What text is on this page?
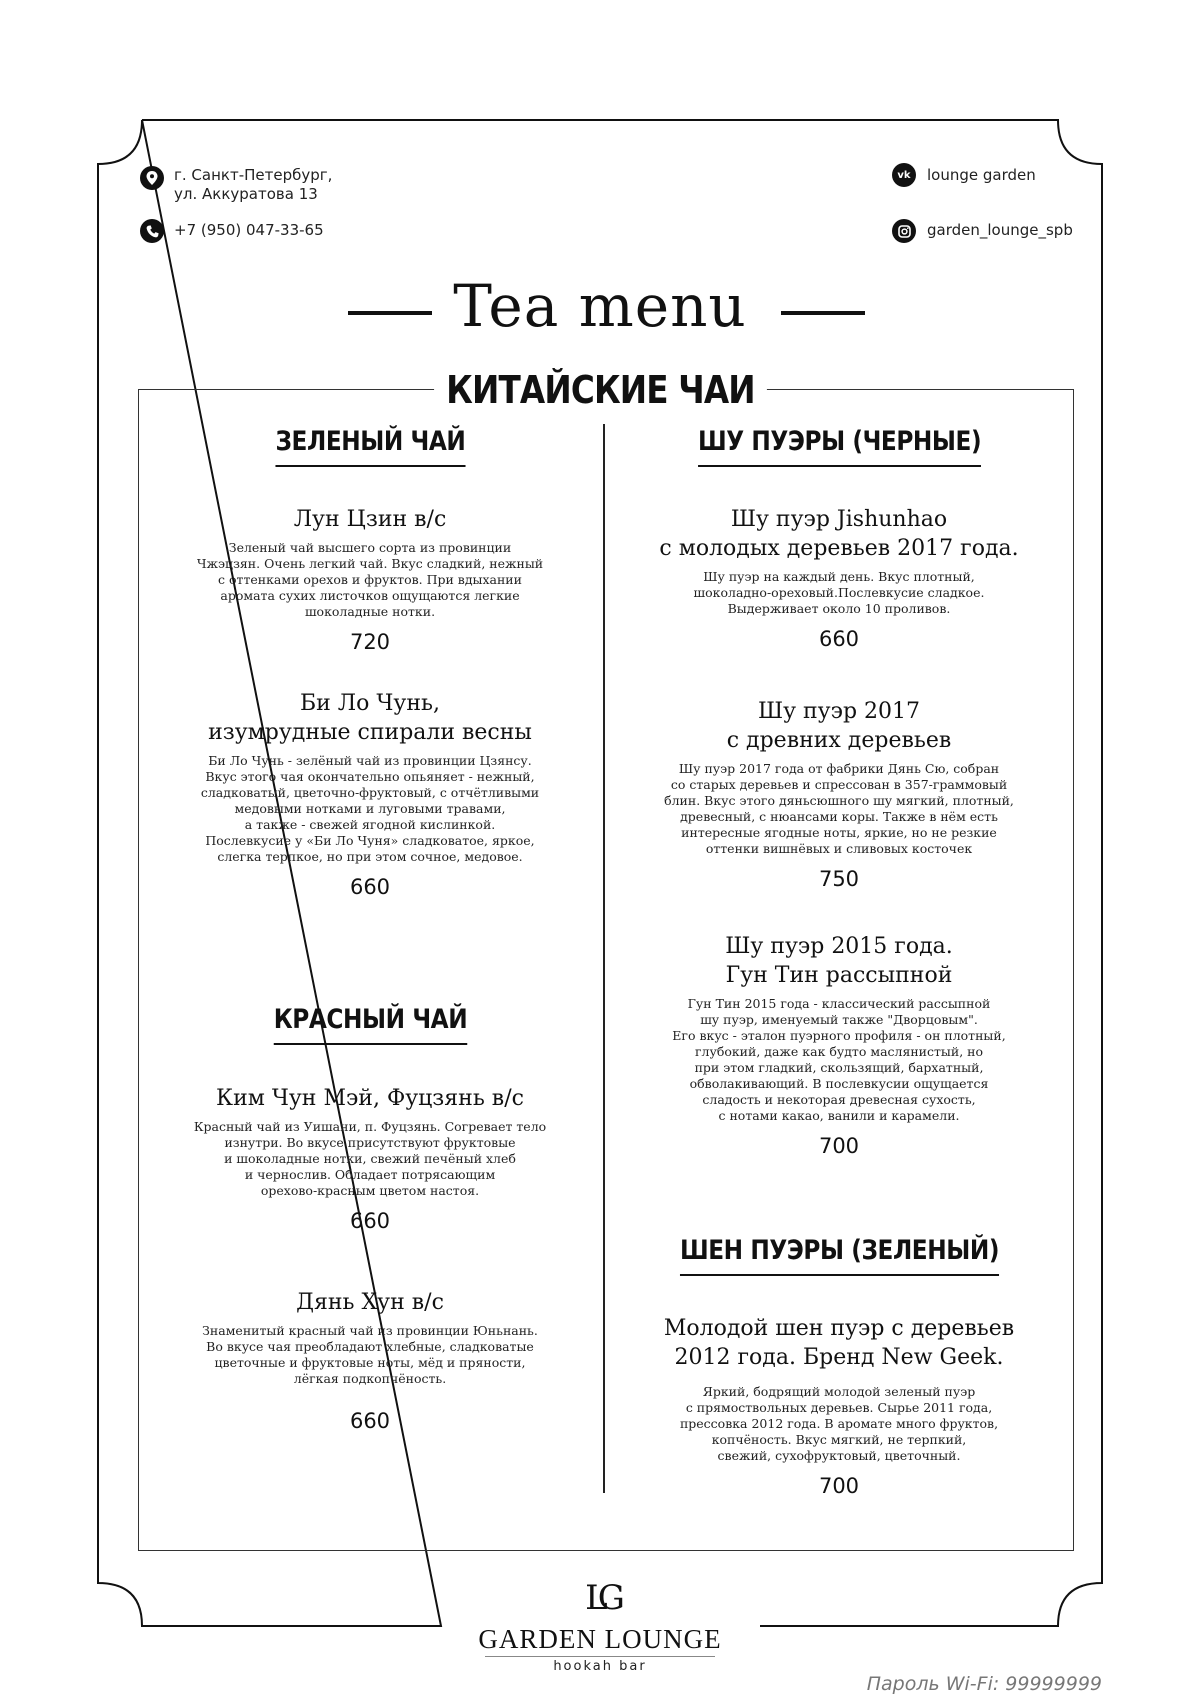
г. Санкт-Петербург,
ул. Аккуратова 13
+7 (950) 047-33-65
vk	lounge garden
garden_lounge_spb
Tea menu
КИТАЙСКИЕ ЧАИ
ЗЕЛЕНЫЙ ЧАЙ
Лун Цзин в/с
Зеленый чай высшего сорта из провинции
Чжэцзян. Очень легкий чай. Вкус сладкий, нежный
с оттенками орехов и фруктов. При вдыхании
аромата сухих листочков ощущаются легкие
шоколадные нотки.
720
Би Ло Чунь,
изумрудные спирали весны
Би Ло Чунь - зелёный чай из провинции Цзянсу.
Вкус этого чая окончательно опьяняет - нежный,
сладковатый, цветочно-фруктовый, с отчётливыми
медовыми нотками и луговыми травами,
а также - свежей ягодной кислинкой.
Послевкусие у «Би Ло Чуня» сладковатое, яркое,
слегка терпкое, но при этом сочное, медовое.
660
КРАСНЫЙ ЧАЙ
Ким Чун Мэй, Фуцзянь в/с
Красный чай из Уишани, п. Фуцзянь. Согревает тело
изнутри. Во вкусе присутствуют фруктовые
и шоколадные нотки, свежий печёный хлеб
и чернослив. Обладает потрясающим
орехово-красным цветом настоя.
660
Дянь Хун в/с
Знаменитый красный чай из провинции Юньнань.
Во вкусе чая преобладают хлебные, сладковатые
цветочные и фруктовые ноты, мёд и пряности,
лёгкая подкопчёность.
660
ШУ ПУЭРЫ (ЧЕРНЫЕ)
Шу пуэр Jishunhao
с молодых деревьев 2017 года.
Шу пуэр на каждый день. Вкус плотный,
шоколадно-ореховый.Послевкусие сладкое.
Выдерживает около 10 проливов.
660
Шу пуэр 2017
с древних деревьев
Шу пуэр 2017 года от фабрики Дянь Сю, собран
со старых деревьев и спрессован в 357-граммовый
блин. Вкус этого дяньсюшного шу мягкий, плотный,
древесный, с нюансами коры. Также в нём есть
интересные ягодные ноты, яркие, но не резкие
оттенки вишнёвых и сливовых косточек
750
Шу пуэр 2015 года.
Гун Тин рассыпной
Гун Тин 2015 года - классический рассыпной
шу пуэр, именуемый также "Дворцовым".
Его вкус - эталон пуэрного профиля - он плотный,
глубокий, даже как будто маслянистый, но
при этом гладкий, скользящий, бархатный,
обволакивающий. В послевкусии ощущается
сладость и некоторая древесная сухость,
с нотами какао, ванили и карамели.
700
ШЕН ПУЭРЫ (ЗЕЛЕНЫЙ)
Молодой шен пуэр с деревьев
2012 года. Бренд New Geek.
Яркий, бодрящий молодой зеленый пуэр
с прямоствольных деревьев. Сырье 2011 года,
прессовка 2012 года. В аромате много фруктов,
копчёность. Вкус мягкий, не терпкий,
свежий, сухофруктовый, цветочный.
700
LG
GARDEN LOUNGE
hookah bar
Пароль Wi-Fi: 99999999
